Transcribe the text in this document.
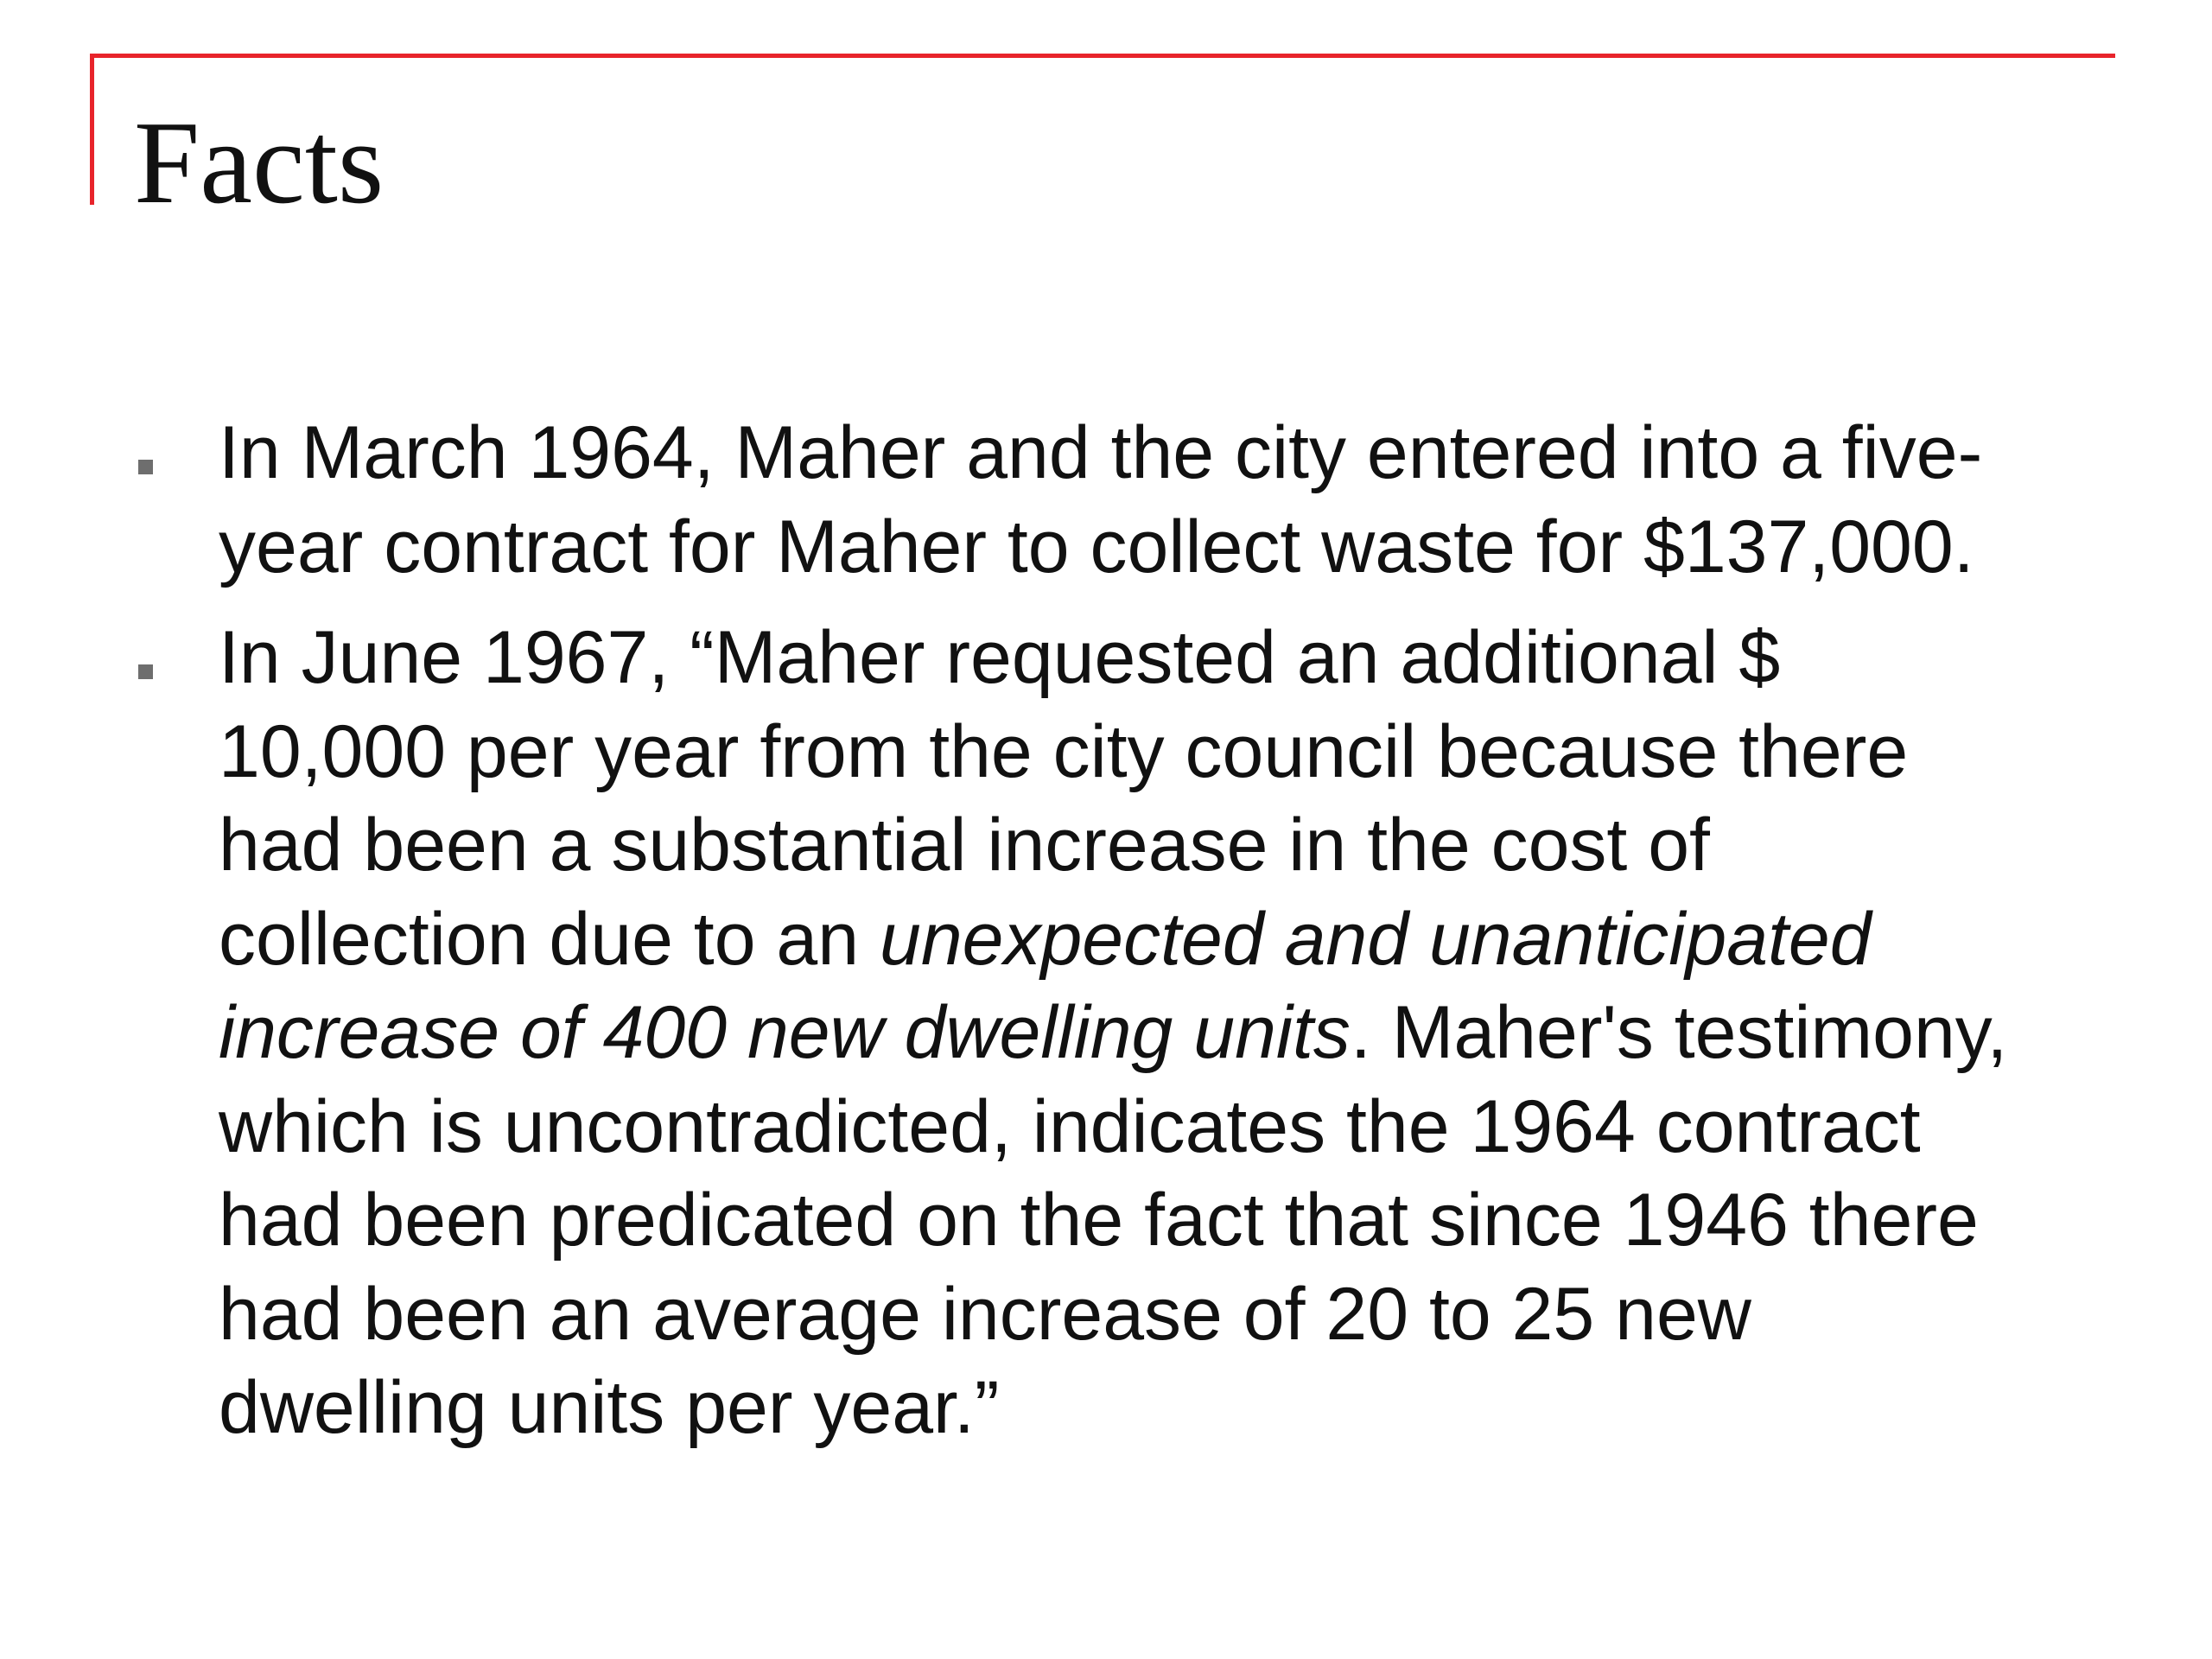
Facts
In March 1964, Maher and the city entered into a five-
year contract for Maher to collect waste for $137,000.
In June 1967, “Maher requested an additional $
10,000 per year from the city council because there
had been a substantial increase in the cost of
collection due to an unexpected and unanticipated
increase of 400 new dwelling units. Maher's testimony,
which is uncontradicted, indicates the 1964 contract
had been predicated on the fact that since 1946 there
had been an average increase of 20 to 25 new
dwelling units per year.”
